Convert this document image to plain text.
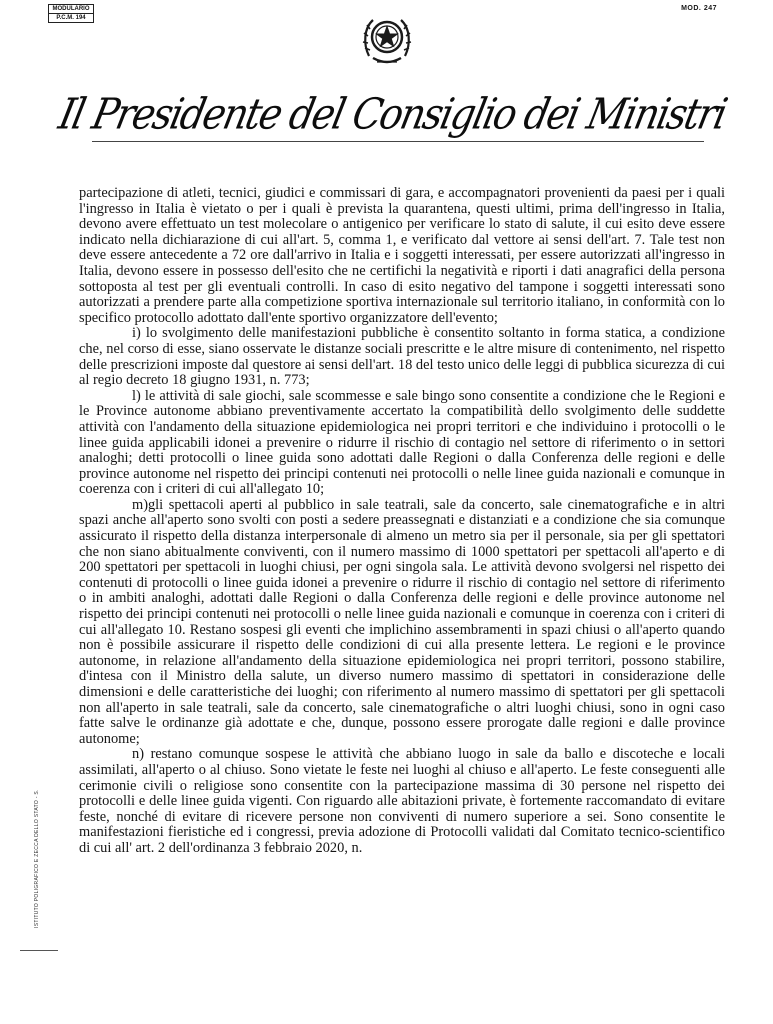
MODULARIO
P.C.M. 194
MOD. 247
Il Presidente del Consiglio dei Ministri
ISTITUTO POLIGRAFICO E ZECCA DELLO STATO - S.

partecipazione di atleti, tecnici, giudici e commissari di gara, e accompagnatori provenienti da paesi per i quali l'ingresso in Italia è vietato o per i quali è prevista la quarantena, questi ultimi, prima dell'ingresso in Italia, devono avere effettuato un test molecolare o antigenico per verificare lo stato di salute, il cui esito deve essere indicato nella dichiarazione di cui all'art. 5, comma 1, e verificato dal vettore ai sensi dell'art. 7. Tale test non deve essere antecedente a 72 ore dall'arrivo in Italia e i soggetti interessati, per essere autorizzati all'ingresso in Italia, devono essere in possesso dell'esito che ne certifichi la negatività e riporti i dati anagrafici della persona sottoposta al test per gli eventuali controlli. In caso di esito negativo del tampone i soggetti interessati sono autorizzati a prendere parte alla competizione sportiva internazionale sul territorio italiano, in conformità con lo specifico protocollo adottato dall'ente sportivo organizzatore dell'evento;

i) lo svolgimento delle manifestazioni pubbliche è consentito soltanto in forma statica, a condizione che, nel corso di esse, siano osservate le distanze sociali prescritte e le altre misure di contenimento, nel rispetto delle prescrizioni imposte dal questore ai sensi dell'art. 18 del testo unico delle leggi di pubblica sicurezza di cui al regio decreto 18 giugno 1931, n. 773;

l) le attività di sale giochi, sale scommesse e sale bingo sono consentite a condizione che le Regioni e le Province autonome abbiano preventivamente accertato la compatibilità dello svolgimento delle suddette attività con l'andamento della situazione epidemiologica nei propri territori e che individuino i protocolli o le linee guida applicabili idonei a prevenire o ridurre il rischio di contagio nel settore di riferimento o in settori analoghi; detti protocolli o linee guida sono adottati dalle Regioni o dalla Conferenza delle regioni e delle province autonome nel rispetto dei principi contenuti nei protocolli o nelle linee guida nazionali e comunque in coerenza con i criteri di cui all'allegato 10;

m)gli spettacoli aperti al pubblico in sale teatrali, sale da concerto, sale cinematografiche e in altri spazi anche all'aperto sono svolti con posti a sedere preassegnati e distanziati e a condizione che sia comunque assicurato il rispetto della distanza interpersonale di almeno un metro sia per il personale, sia per gli spettatori che non siano abitualmente conviventi, con il numero massimo di 1000 spettatori per spettacoli all'aperto e di 200 spettatori per spettacoli in luoghi chiusi, per ogni singola sala. Le attività devono svolgersi nel rispetto dei contenuti di protocolli o linee guida idonei a prevenire o ridurre il rischio di contagio nel settore di riferimento o in ambiti analoghi, adottati dalle Regioni o dalla Conferenza delle regioni e delle province autonome nel rispetto dei principi contenuti nei protocolli o nelle linee guida nazionali e comunque in coerenza con i criteri di cui all'allegato 10. Restano sospesi gli eventi che implichino assembramenti in spazi chiusi o all'aperto quando non è possibile assicurare il rispetto delle condizioni di cui alla presente lettera. Le regioni e le province autonome, in relazione all'andamento della situazione epidemiologica nei propri territori, possono stabilire, d'intesa con il Ministro della salute, un diverso numero massimo di spettatori in considerazione delle dimensioni e delle caratteristiche dei luoghi; con riferimento al numero massimo di spettatori per gli spettacoli non all'aperto in sale teatrali, sale da concerto, sale cinematografiche o altri luoghi chiusi, sono in ogni caso fatte salve le ordinanze già adottate e che, dunque, possono essere prorogate dalle regioni e dalle province autonome;

n) restano comunque sospese le attività che abbiano luogo in sale da ballo e discoteche e locali assimilati, all'aperto o al chiuso. Sono vietate le feste nei luoghi al chiuso e all'aperto. Le feste conseguenti alle cerimonie civili o religiose sono consentite con la partecipazione massima di 30 persone nel rispetto dei protocolli e delle linee guida vigenti. Con riguardo alle abitazioni private, è fortemente raccomandato di evitare feste, nonché di evitare di ricevere persone non conviventi di numero superiore a sei. Sono consentite le manifestazioni fieristiche ed i congressi, previa adozione di Protocolli validati dal Comitato tecnico-scientifico di cui all' art. 2 dell'ordinanza 3 febbraio 2020, n.
